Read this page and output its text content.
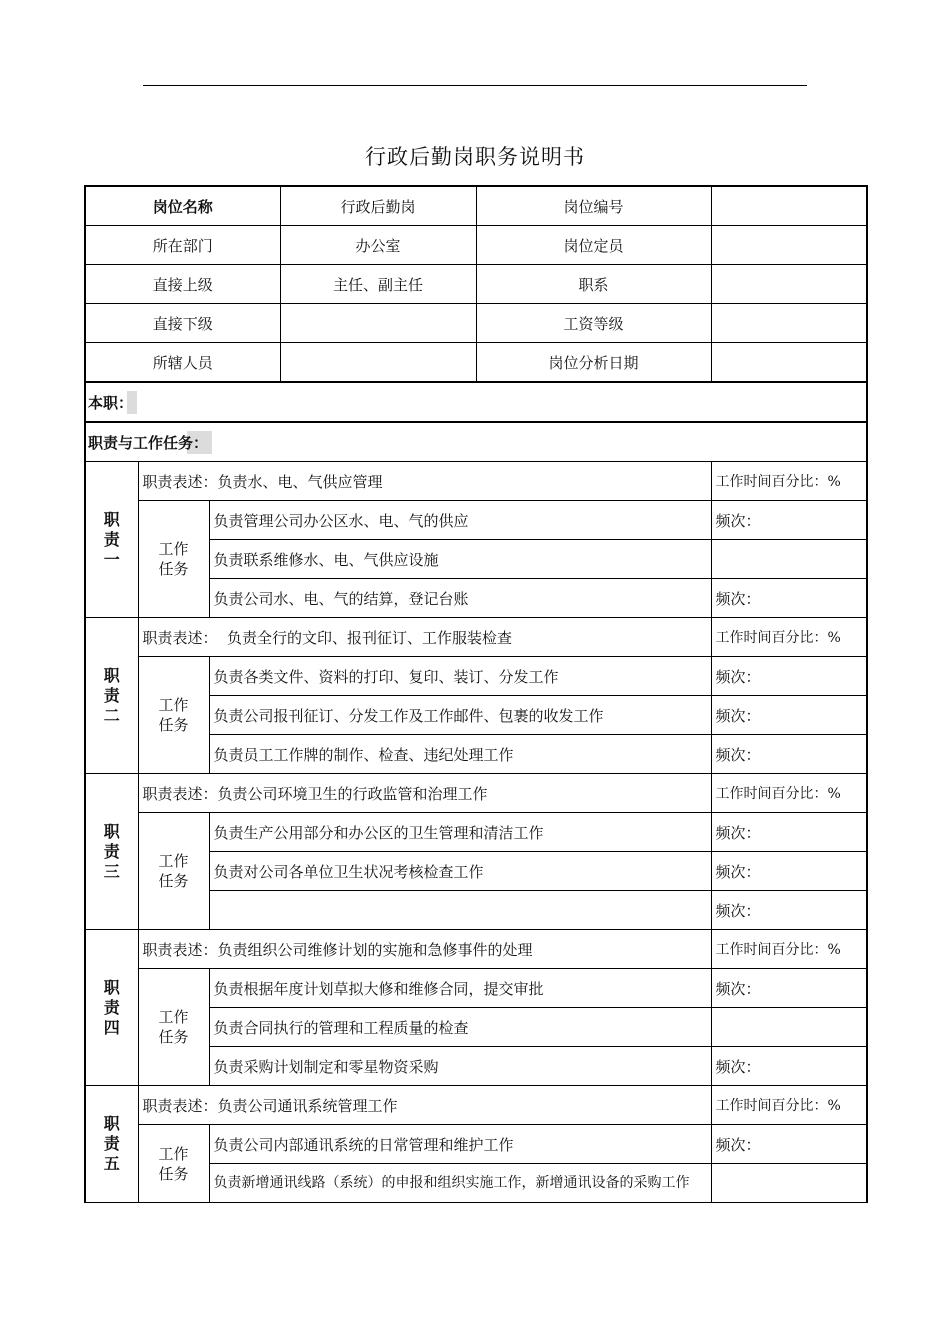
行政后勤岗职务说明书
岗位名称			行政后勤岗	岗位编号	
所在部门			办公室	岗位定员	
直接上级			主任、副主任	职系	
直接下级				工资等级	
所辖人员				岗位分析日期	
本职：					
职责与工作任务：					

职责一	职责表述：负责水、电、气供应管理				工作时间百分比：%

	工作任务	负责管理公司办公区水、电、气的供应			频次：
		负责联系维修水、电、气供应设施			
		负责公司水、电、气的结算，登记台账			频次：

职责二	职责表述：  负责全行的文印、报刊征订、工作服装检查				工作时间百分比：%

	工作任务	负责各类文件、资料的打印、复印、装订、分发工作			频次：
		负责公司报刊征订、分发工作及工作邮件、包裹的收发工作			频次：
		负责员工工作牌的制作、检查、违纪处理工作			频次：

职责三	职责表述：负责公司环境卫生的行政监管和治理工作				工作时间百分比：%

	工作任务	负责生产公用部分和办公区的卫生管理和清洁工作			频次：
		负责对公司各单位卫生状况考核检查工作			频次：
					频次：

职责四	职责表述：负责组织公司维修计划的实施和急修事件的处理				工作时间百分比：%

	工作任务	负责根据年度计划草拟大修和维修合同，提交审批			频次：
		负责合同执行的管理和工程质量的检查			
		负责采购计划制定和零星物资采购			频次：

职责五	职责表述：负责公司通讯系统管理工作				工作时间百分比：%

	工作任务	负责公司内部通讯系统的日常管理和维护工作			频次：
		负责新增通讯线路（系统）的申报和组织实施工作，新增通讯设备的采购工作			
